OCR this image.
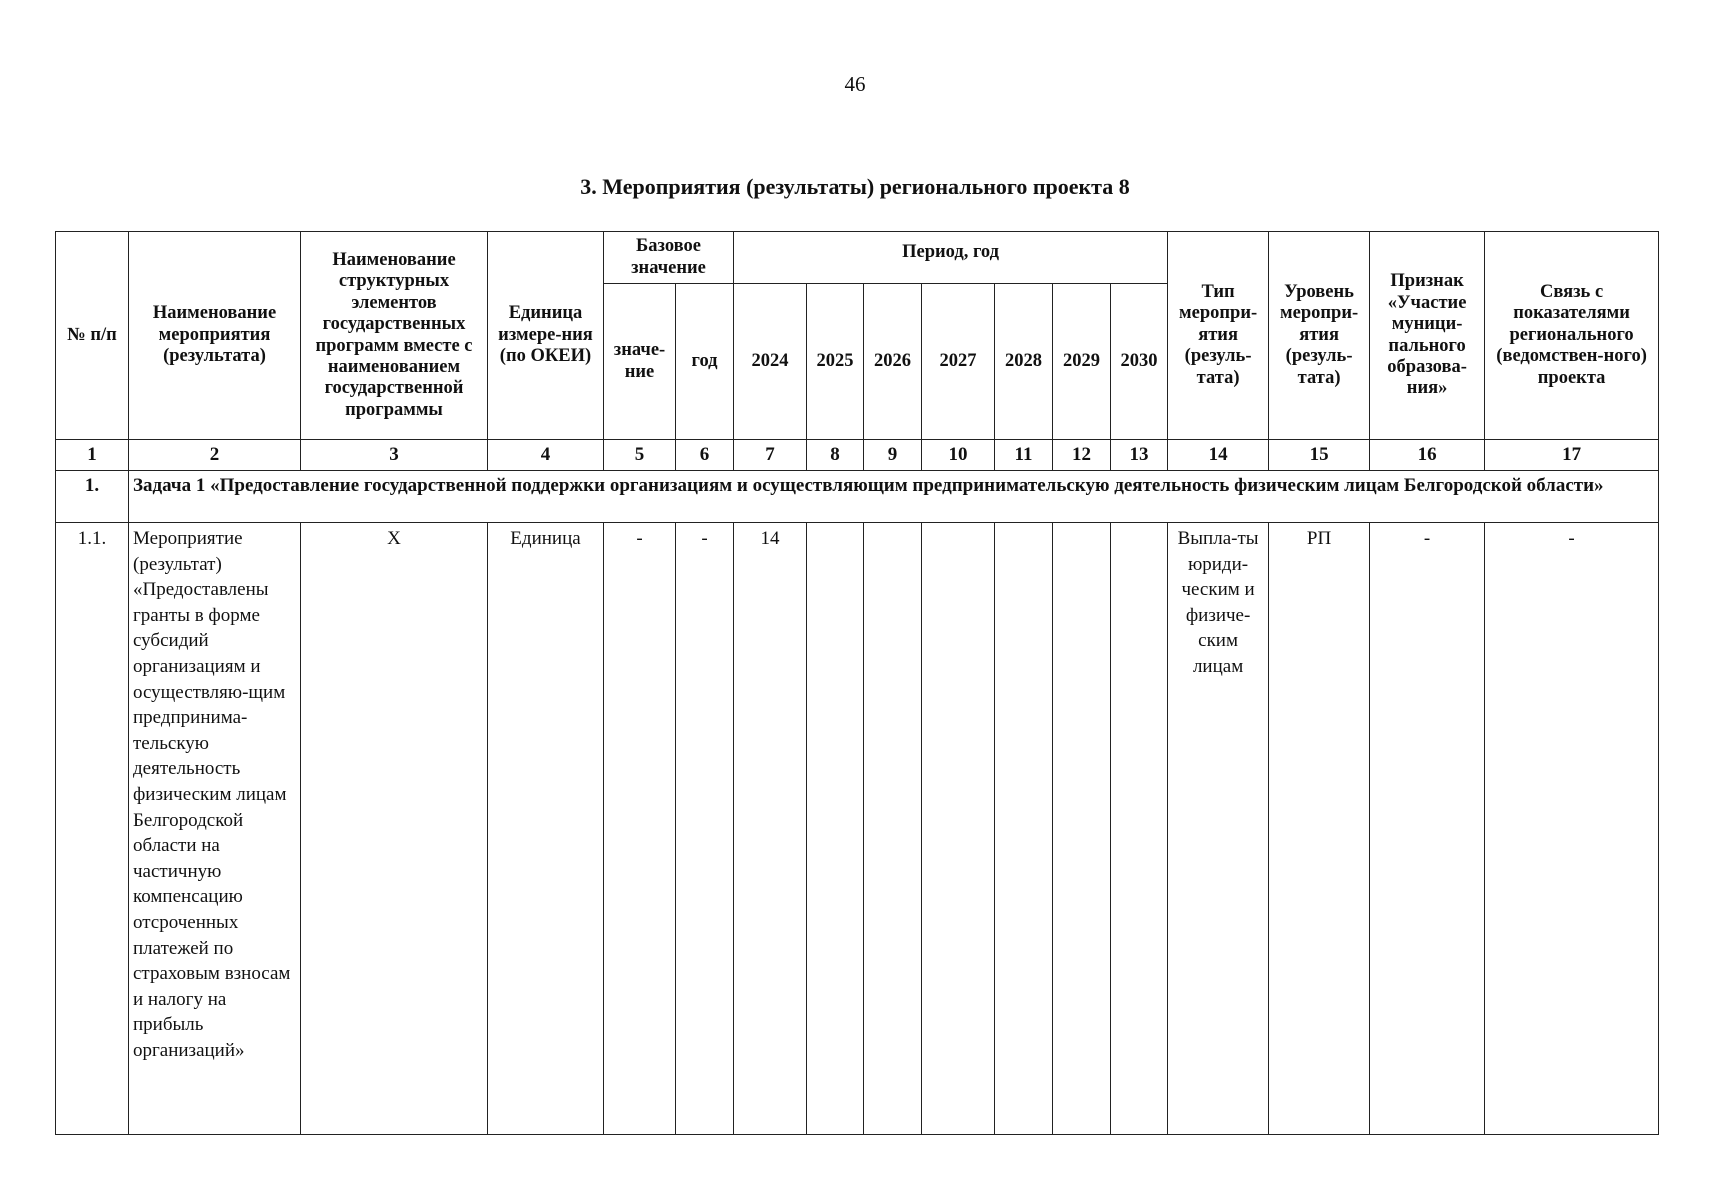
46
3. Мероприятия (результаты) регионального проекта 8
№ п/п	Наименование мероприятия (результата)	Наименование структурных элементов государственных программ вместе с наименованием государственной программы	Единица измере-ния (по ОКЕИ)	Базовое значение		Период, год							Тип меропри-ятия (резуль-тата)	Уровень меропри-ятия (резуль-тата)	Признак «Участие муници-пального образова-ния»	Связь с показателями регионального (ведомствен-ного) проекта
				значе-ние	год	2024	2025	2026	2027	2028	2029	2030				
1	2	3	4	5	6	7	8	9	10	11	12	13	14	15	16	17
1.	Задача 1 «Предоставление государственной поддержки организациям и осуществляющим предпринимательскую деятельность физическим лицам Белгородской области»															
1.1.	Мероприятие (результат) «Предоставлены гранты в форме субсидий организациям и осуществляю-щим предпринима-тельскую деятельность физическим лицам Белгородской области на частичную компенсацию отсроченных платежей по страховым взносам и налогу на прибыль организаций»	X	Единица	-	-	14							Выпла-ты юриди-ческим и физиче-ским лицам	РП	-	-
